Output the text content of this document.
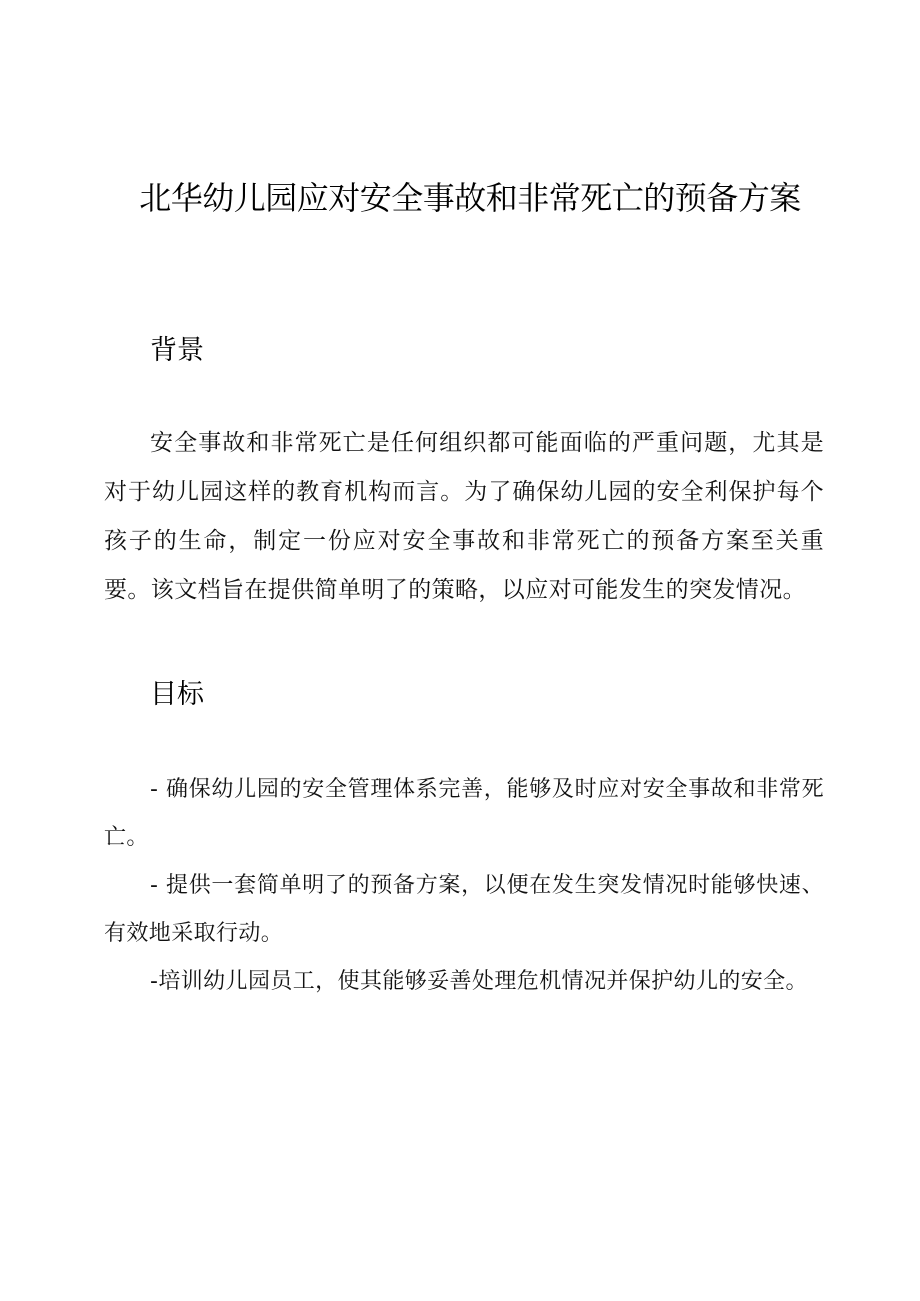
北华幼儿园应对安全事故和非常死亡的预备方案
背景

安全事故和非常死亡是任何组织都可能面临的严重问题，尤其是对于幼儿园这样的教育机构而言。为了确保幼儿园的安全利保护每个孩子的生命，制定一份应对安全事故和非常死亡的预备方案至关重要。该文档旨在提供简单明了的策略，以应对可能发生的突发情况。

目标
- 确保幼儿园的安全管理体系完善，能够及时应对安全事故和非常死亡。
- 提供一套简单明了的预备方案，以便在发生突发情况时能够快速、有效地采取行动。
-培训幼儿园员工，使其能够妥善处理危机情况并保护幼儿的安全。
